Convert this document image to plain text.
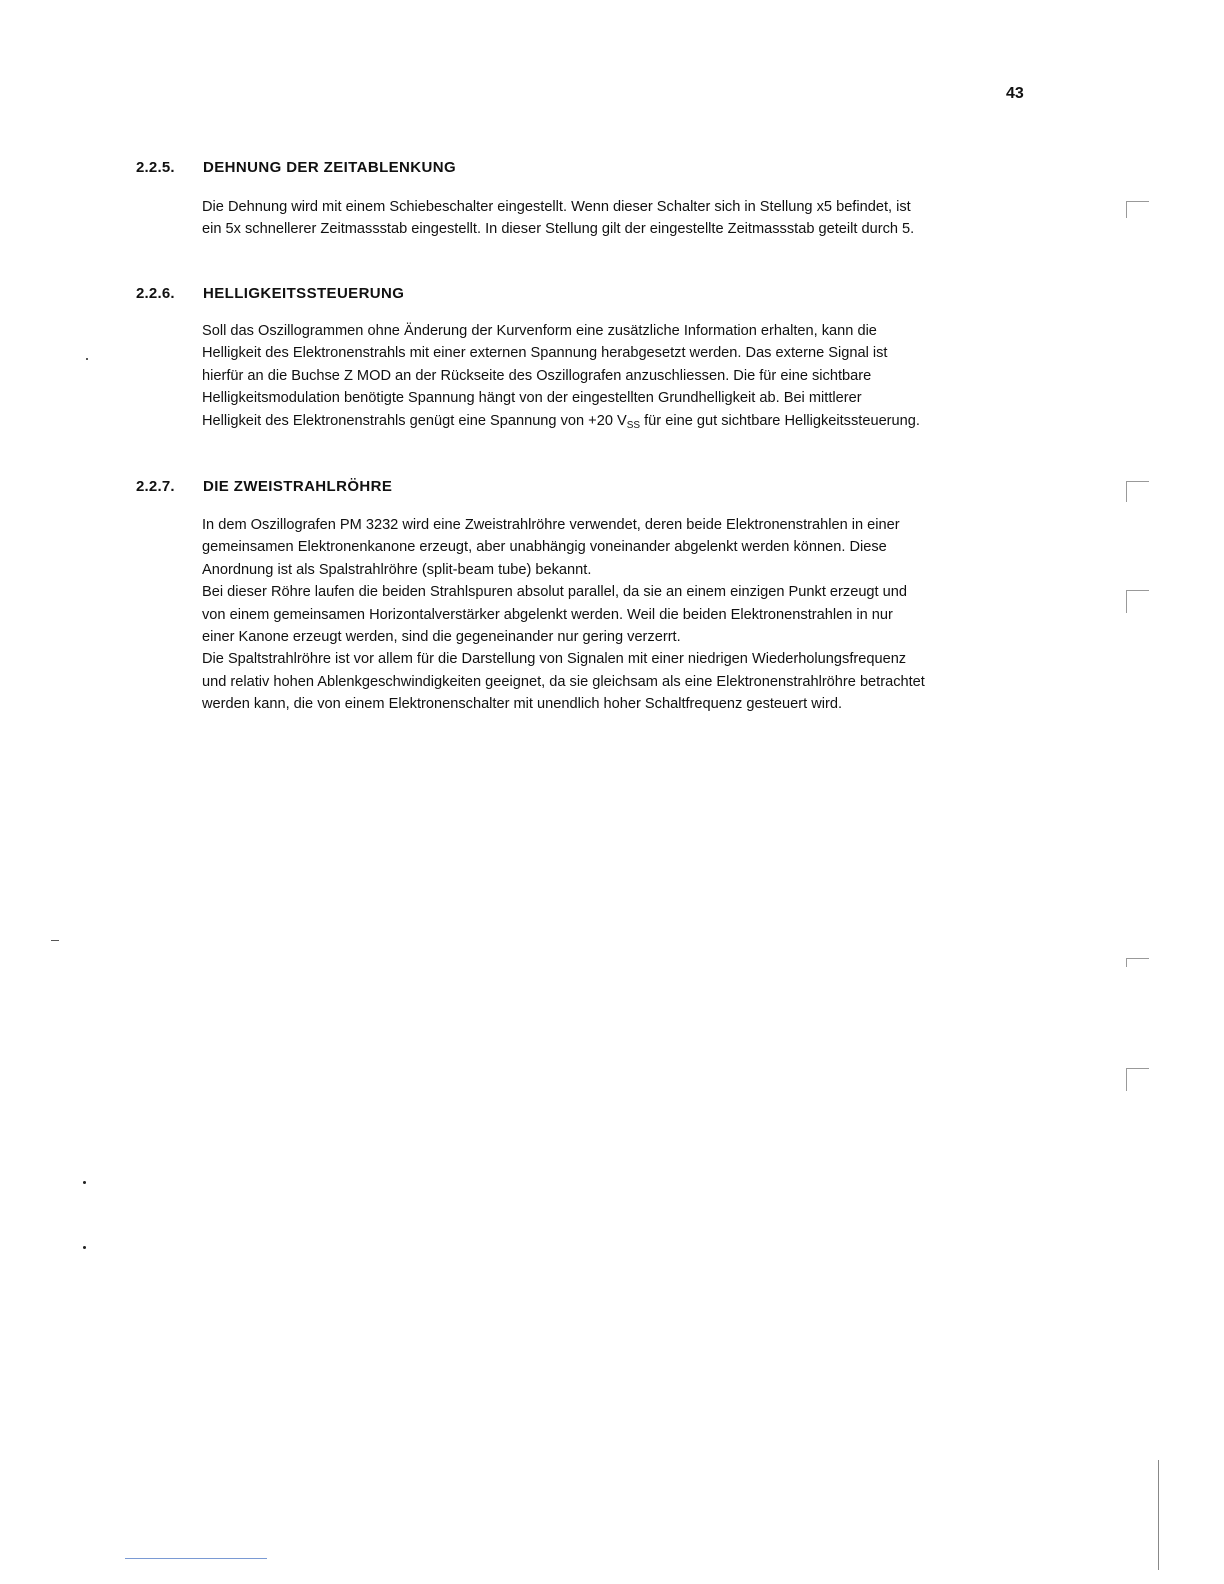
43
2.2.5. DEHNUNG DER ZEITABLENKUNG
Die Dehnung wird mit einem Schiebeschalter eingestellt. Wenn dieser Schalter sich in Stellung x5 befindet, ist
ein 5x schnellerer Zeitmassstab eingestellt. In dieser Stellung gilt der eingestellte Zeitmassstab geteilt durch 5.
2.2.6. HELLIGKEITSSTEUERUNG
Soll das Oszillogrammen ohne Änderung der Kurvenform eine zusätzliche Information erhalten, kann die
Helligkeit des Elektronenstrahls mit einer externen Spannung herabgesetzt werden. Das externe Signal ist
hierfür an die Buchse Z MOD an der Rückseite des Oszillografen anzuschliessen. Die für eine sichtbare
Helligkeitsmodulation benötigte Spannung hängt von der eingestellten Grundhelligkeit ab. Bei mittlerer
Helligkeit des Elektronenstrahls genügt eine Spannung von +20 $V_{SS}$ für eine gut sichtbare Helligkeitssteuerung.
2.2.7. DIE ZWEISTRAHLRÖHRE
In dem Oszillografen PM 3232 wird eine Zweistrahlröhre verwendet, deren beide Elektronenstrahlen in einer
gemeinsamen Elektronenkanone erzeugt, aber unabhängig voneinander abgelenkt werden können. Diese
Anordnung ist als Spalstrahlröhre (split-beam tube) bekannt.
Bei dieser Röhre laufen die beiden Strahlspuren absolut parallel, da sie an einem einzigen Punkt erzeugt und
von einem gemeinsamen Horizontalverstärker abgelenkt werden. Weil die beiden Elektronenstrahlen in nur
einer Kanone erzeugt werden, sind die gegeneinander nur gering verzerrt.
Die Spaltstrahlröhre ist vor allem für die Darstellung von Signalen mit einer niedrigen Wiederholungsfrequenz
und relativ hohen Ablenkgeschwindigkeiten geeignet, da sie gleichsam als eine Elektronenstrahlröhre betrachtet
werden kann, die von einem Elektronenschalter mit unendlich hoher Schaltfrequenz gesteuert wird.
